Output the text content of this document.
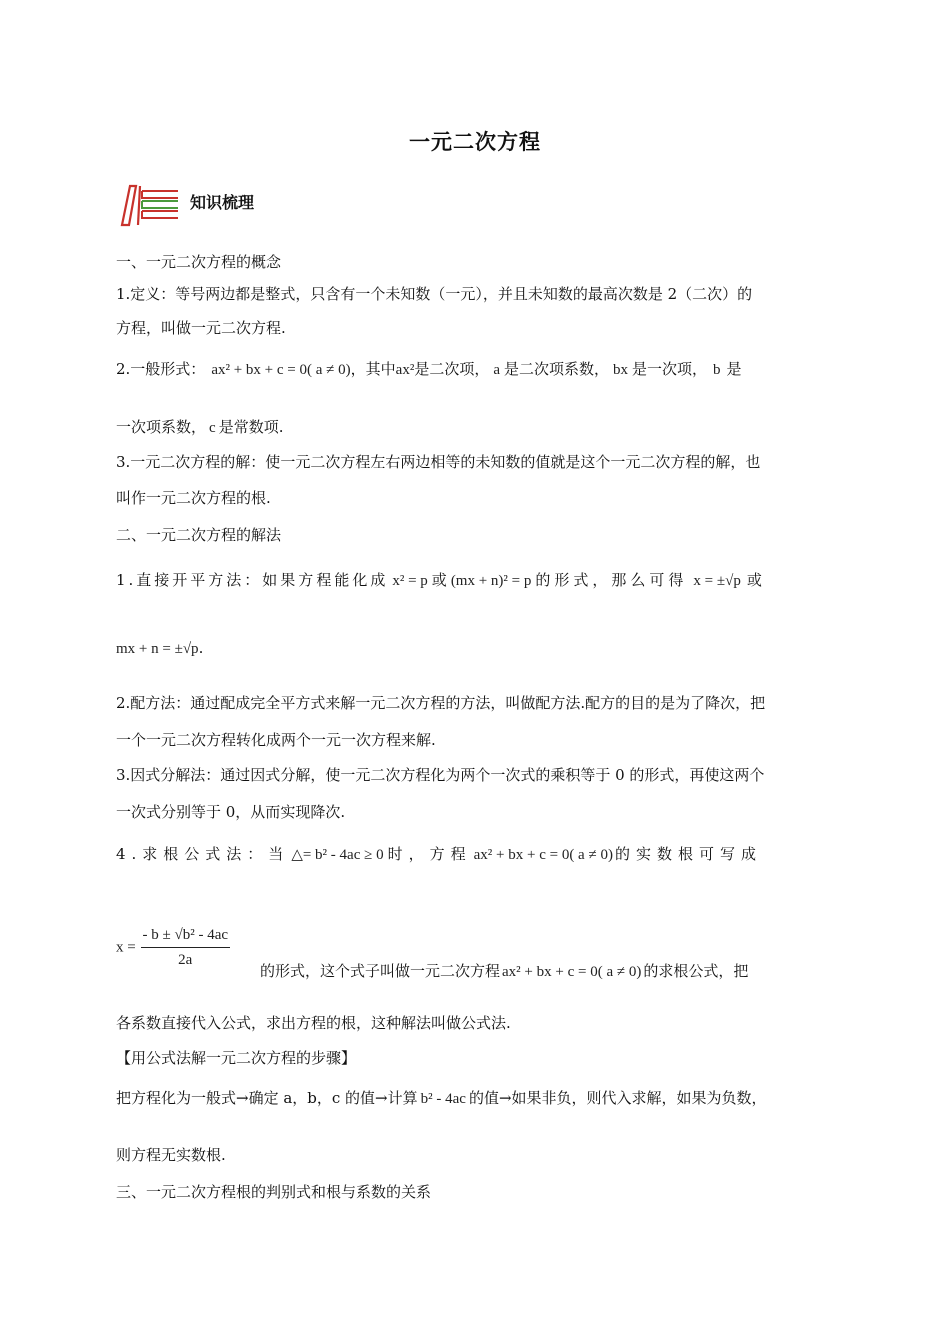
一元二次方程
知识梳理
一、一元二次方程的概念
1.定义：等号两边都是整式，只含有一个未知数（一元），并且未知数的最高次数是 2（二次）的
方程，叫做一元二次方程.
2.一般形式： ax² + bx + c = 0( a ≠ 0)，其中ax²是二次项， a 是二次项系数， bx 是一次项， b 是
一次项系数， c 是常数项.
3.一元二次方程的解：使一元二次方程左右两边相等的未知数的值就是这个一元二次方程的解，也
叫作一元二次方程的根.
二、一元二次方程的解法
1.直接开平方法：如果方程能化成 x² = p 或 (mx + n)² = p 的形式，那么可得 x = ±√p 或
mx + n = ±√p.
2.配方法：通过配成完全平方式来解一元二次方程的方法，叫做配方法.配方的目的是为了降次，把
一个一元二次方程转化成两个一元一次方程来解.
3.因式分解法：通过因式分解，使一元二次方程化为两个一次式的乘积等于 0 的形式，再使这两个
一次式分别等于 0，从而实现降次.
4.求根公式法：当 △= b² - 4ac ≥ 0 时，方程 ax² + bx + c = 0( a ≠ 0) 的实数根可写成
$x = \frac{\text{- b ± √b² - 4ac}}{2a}$
的形式，这个式子叫做一元二次方程 ax² + bx + c = 0( a ≠ 0) 的求根公式，把
各系数直接代入公式，求出方程的根，这种解法叫做公式法.
【用公式法解一元二次方程的步骤】
把方程化为一般式→确定 a，b，c 的值→计算 b² - 4ac 的值→如果非负，则代入求解，如果为负数，
则方程无实数根.
三、一元二次方程根的判别式和根与系数的关系
